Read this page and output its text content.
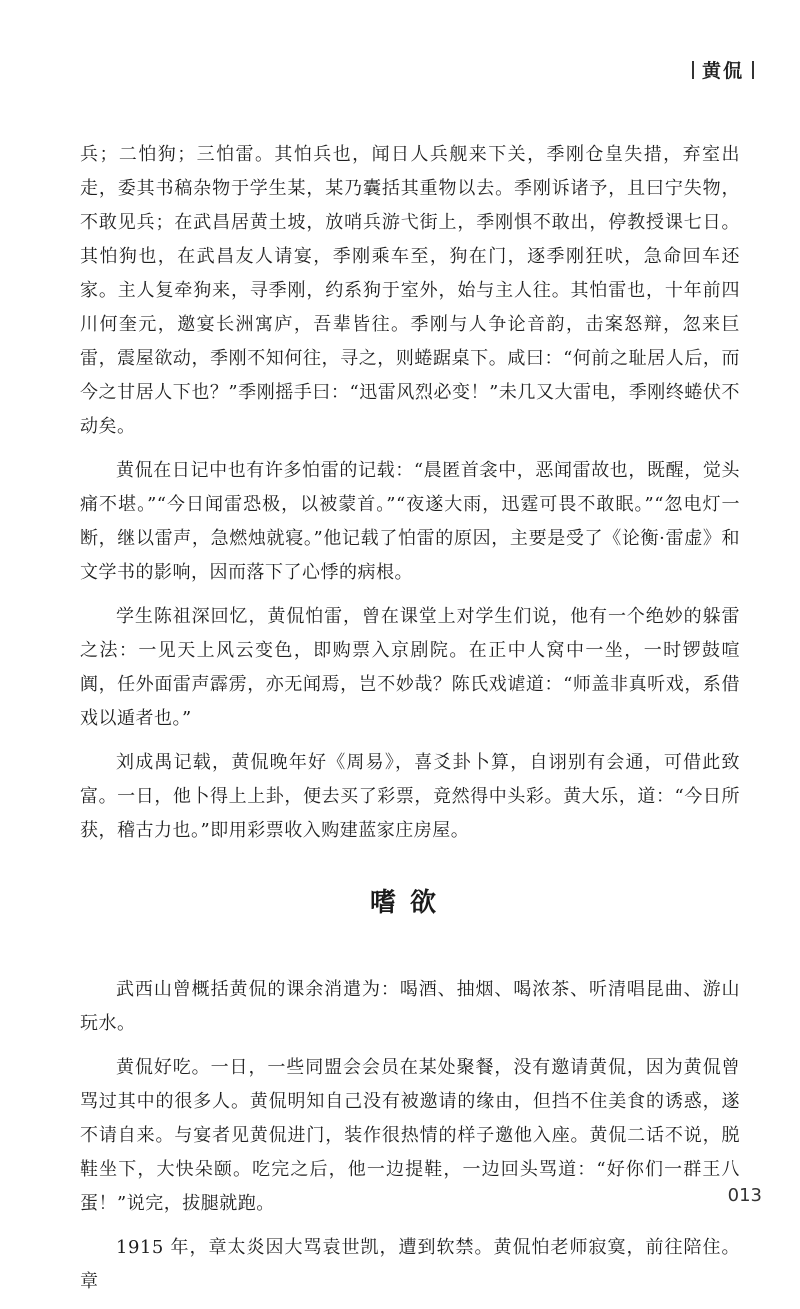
黄侃

兵；二怕狗；三怕雷。其怕兵也，闻日人兵舰来下关，季刚仓皇失措，弃室出走，委其书稿杂物于学生某，某乃囊括其重物以去。季刚诉诸予，且曰宁失物，不敢见兵；在武昌居黄土坡，放哨兵游弋街上，季刚惧不敢出，停教授课七日。其怕狗也，在武昌友人请宴，季刚乘车至，狗在门，逐季刚狂吠，急命回车还家。主人复牵狗来，寻季刚，约系狗于室外，始与主人往。其怕雷也，十年前四川何奎元，邀宴长洲寓庐，吾辈皆往。季刚与人争论音韵，击案怒辩，忽来巨雷，震屋欲动，季刚不知何往，寻之，则蜷踞桌下。咸曰：“何前之耻居人后，而今之甘居人下也？”季刚摇手曰：“迅雷风烈必变！”未几又大雷电，季刚终蜷伏不动矣。

黄侃在日记中也有许多怕雷的记载：“晨匿首衾中，恶闻雷故也，既醒，觉头痛不堪。”“今日闻雷恐极，以被蒙首。”“夜遂大雨，迅霆可畏不敢眠。”“忽电灯一断，继以雷声，急燃烛就寝。”他记载了怕雷的原因，主要是受了《论衡·雷虚》和文学书的影响，因而落下了心悸的病根。

学生陈祖深回忆，黄侃怕雷，曾在课堂上对学生们说，他有一个绝妙的躲雷之法：一见天上风云变色，即购票入京剧院。在正中人窝中一坐，一时锣鼓喧阗，任外面雷声霹雳，亦无闻焉，岂不妙哉？陈氏戏谑道：“师盖非真听戏，系借戏以遁者也。”

刘成禺记载，黄侃晚年好《周易》，喜爻卦卜算，自诩别有会通，可借此致富。一日，他卜得上上卦，便去买了彩票，竟然得中头彩。黄大乐，道：“今日所获，稽古力也。”即用彩票收入购建蓝家庄房屋。

嗜欲

武西山曾概括黄侃的课余消遣为：喝酒、抽烟、喝浓茶、听清唱昆曲、游山玩水。

黄侃好吃。一日，一些同盟会会员在某处聚餐，没有邀请黄侃，因为黄侃曾骂过其中的很多人。黄侃明知自己没有被邀请的缘由，但挡不住美食的诱惑，遂不请自来。与宴者见黄侃进门，装作很热情的样子邀他入座。黄侃二话不说，脱鞋坐下，大快朵颐。吃完之后，他一边提鞋，一边回头骂道：“好你们一群王八蛋！”说完，拔腿就跑。

1915 年，章太炎因大骂袁世凯，遭到软禁。黄侃怕老师寂寞，前往陪住。章

013
